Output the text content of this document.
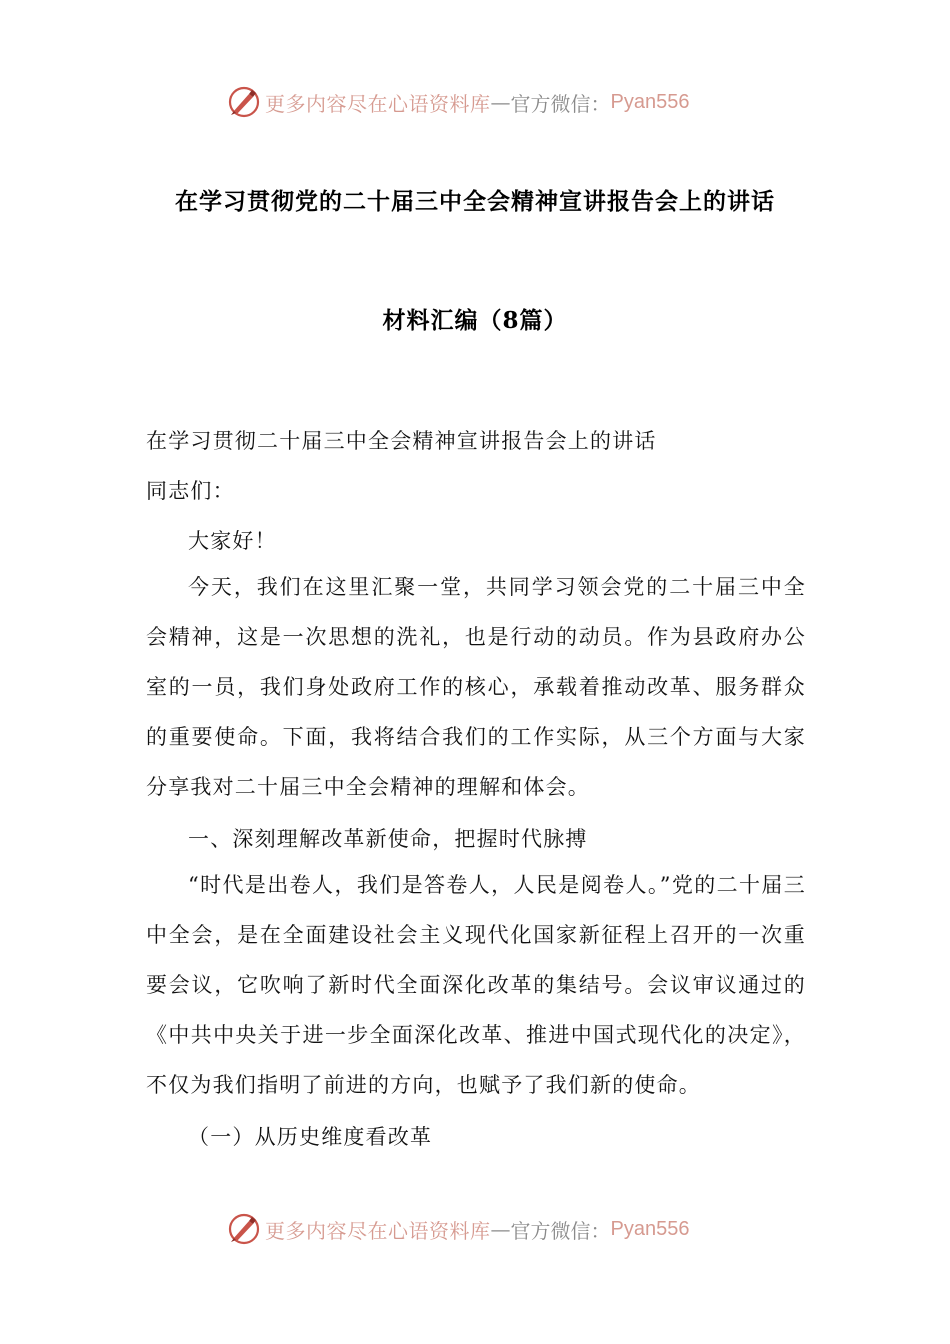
更多内容尽在心语资料库 — 官方微信： Pyan556
在学习贯彻党的二十届三中全会精神宣讲报告会上的讲话
材料汇编（8篇）
在学习贯彻二十届三中全会精神宣讲报告会上的讲话
同志们：
大家好！
今天，我们在这里汇聚一堂，共同学习领会党的二十届三中全会精神，这是一次思想的洗礼，也是行动的动员。作为县政府办公室的一员，我们身处政府工作的核心，承载着推动改革、服务群众的重要使命。下面，我将结合我们的工作实际，从三个方面与大家分享我对二十届三中全会精神的理解和体会。
一、深刻理解改革新使命，把握时代脉搏
“时代是出卷人，我们是答卷人，人民是阅卷人。”党的二十届三中全会，是在全面建设社会主义现代化国家新征程上召开的一次重要会议，它吹响了新时代全面深化改革的集结号。会议审议通过的《中共中央关于进一步全面深化改革、推进中国式现代化的决定》，不仅为我们指明了前进的方向，也赋予了我们新的使命。
（一）从历史维度看改革
更多内容尽在心语资料库 — 官方微信： Pyan556
